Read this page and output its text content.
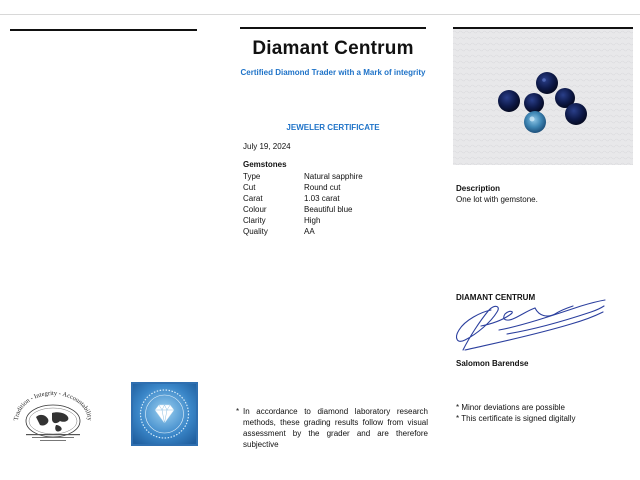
Diamant Centrum
Certified Diamond Trader with a Mark of integrity
JEWELER CERTIFICATE
July 19, 2024
Gemstones
Type	Natural sapphire
Cut	Round cut
Carat	1.03 carat
Colour	Beautiful blue
Clarity	High
Quality	AA
Description
One lot with gemstone.
DIAMANT CENTRUM
Salomon Barendse
Tradition - Integrity - Accountability
* In accordance to diamond laboratory research methods, these grading results follow from visual assessment by the grader and are therefore subjective
* Minor deviations are possible
* This certificate is signed digitally
